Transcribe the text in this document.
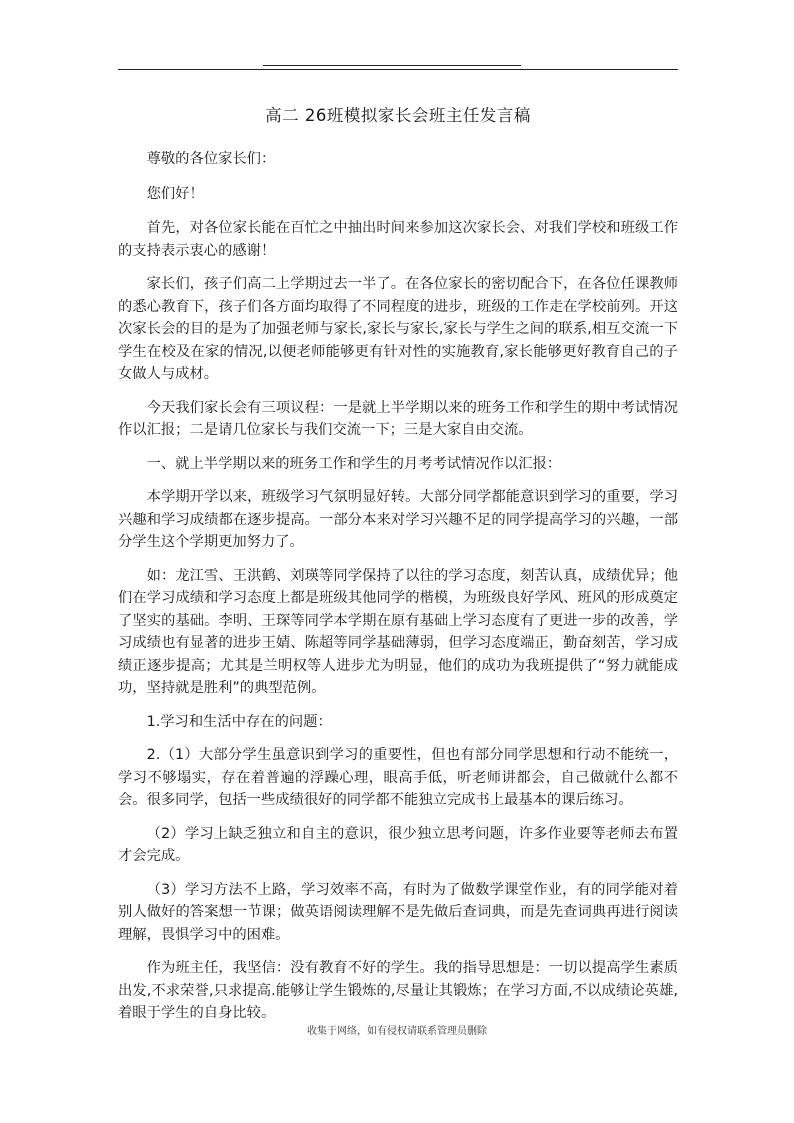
高二 26班模拟家长会班主任发言稿

尊敬的各位家长们：

您们好！

首先，对各位家长能在百忙之中抽出时间来参加这次家长会、对我们学校和班级工作的支持表示衷心的感谢！

家长们，孩子们高二上学期过去一半了。在各位家长的密切配合下，在各位任课教师的悉心教育下，孩子们各方面均取得了不同程度的进步，班级的工作走在学校前列。开这次家长会的目的是为了加强老师与家长,家长与家长,家长与学生之间的联系,相互交流一下学生在校及在家的情况,以便老师能够更有针对性的实施教育,家长能够更好教育自己的子女做人与成材。

今天我们家长会有三项议程：一是就上半学期以来的班务工作和学生的期中考试情况作以汇报；二是请几位家长与我们交流一下；三是大家自由交流。

一、就上半学期以来的班务工作和学生的月考考试情况作以汇报：

本学期开学以来，班级学习气氛明显好转。大部分同学都能意识到学习的重要，学习兴趣和学习成绩都在逐步提高。一部分本来对学习兴趣不足的同学提高学习的兴趣，一部分学生这个学期更加努力了。

如：龙江雪、王洪鹤、刘瑛等同学保持了以往的学习态度，刻苦认真，成绩优异；他们在学习成绩和学习态度上都是班级其他同学的楷模，为班级良好学风、班风的形成奠定了坚实的基础。李明、王琛等同学本学期在原有基础上学习态度有了更进一步的改善，学习成绩也有显著的进步王婧、陈超等同学基础薄弱，但学习态度端正，勤奋刻苦，学习成绩正逐步提高；尤其是兰明权等人进步尤为明显，他们的成功为我班提供了“努力就能成功，坚持就是胜利”的典型范例。

1.学习和生活中存在的问题：

2.（1）大部分学生虽意识到学习的重要性，但也有部分同学思想和行动不能统一，学习不够塌实，存在着普遍的浮躁心理，眼高手低，听老师讲都会，自己做就什么都不会。很多同学，包括一些成绩很好的同学都不能独立完成书上最基本的课后练习。

（2）学习上缺乏独立和自主的意识，很少独立思考问题，许多作业要等老师去布置才会完成。

（3）学习方法不上路，学习效率不高，有时为了做数学课堂作业，有的同学能对着别人做好的答案想一节课；做英语阅读理解不是先做后查词典，而是先查词典再进行阅读理解，畏惧学习中的困难。

作为班主任，我坚信：没有教育不好的学生。我的指导思想是：一切以提高学生素质出发,不求荣誉,只求提高.能够让学生锻炼的,尽量让其锻炼；在学习方面,不以成绩论英雄,着眼于学生的自身比较。

收集于网络，如有侵权请联系管理员删除
